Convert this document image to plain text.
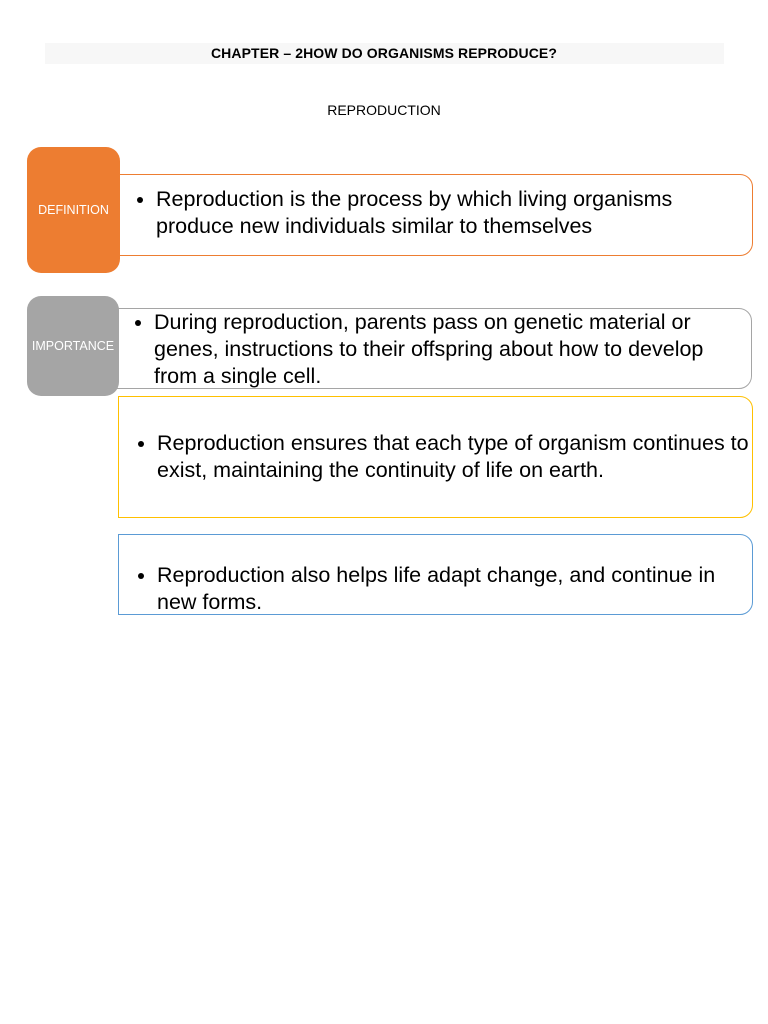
CHAPTER – 2HOW DO ORGANISMS REPRODUCE?
REPRODUCTION
DEFINITION
• Reproduction is the process by which living organisms produce new individuals similar to themselves
IMPORTANCE
• During reproduction, parents pass on genetic material or genes, instructions to their offspring about how to develop from a single cell.
• Reproduction ensures that each type of organism continues to exist, maintaining the continuity of life on earth.
• Reproduction also helps life adapt change, and continue in new forms.
